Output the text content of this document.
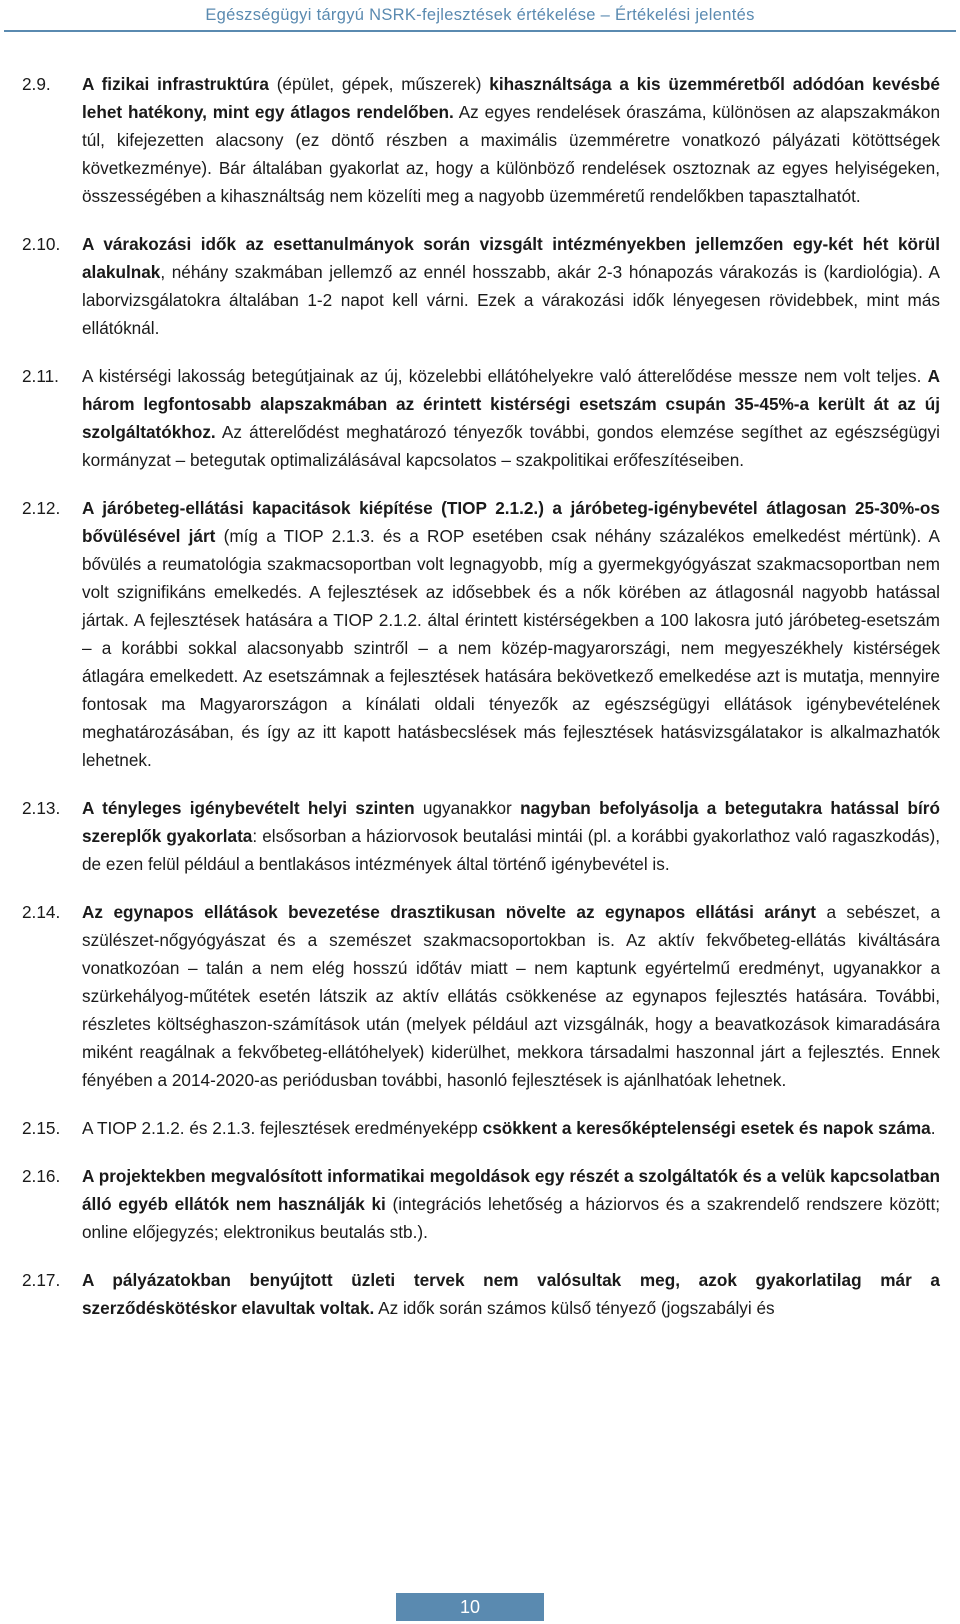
Egészségügyi tárgyú NSRK-fejlesztések értékelése – Értékelési jelentés
2.9. A fizikai infrastruktúra (épület, gépek, műszerek) kihasználtsága a kis üzemméretből adódóan kevésbé lehet hatékony, mint egy átlagos rendelőben. Az egyes rendelések óraszáma, különösen az alapszakmákon túl, kifejezetten alacsony (ez döntő részben a maximális üzemméretre vonatkozó pályázati kötöttségek következménye). Bár általában gyakorlat az, hogy a különböző rendelések osztoznak az egyes helyiségeken, összességében a kihasználtság nem közelíti meg a nagyobb üzemméretű rendelőkben tapasztalhatót.
2.10. A várakozási idők az esettanulmányok során vizsgált intézményekben jellemzően egy-két hét körül alakulnak, néhány szakmában jellemző az ennél hosszabb, akár 2-3 hónapozás várakozás is (kardiológia). A laborvizsgálatokra általában 1-2 napot kell várni. Ezek a várakozási idők lényegesen rövidebbek, mint más ellátóknál.
2.11. A kistérségi lakosság betegútjainak az új, közelebbi ellátóhelyekre való átterelődése messze nem volt teljes. A három legfontosabb alapszakmában az érintett kistérségi esetszám csupán 35-45%-a került át az új szolgáltatókhoz. Az átterelődést meghatározó tényezők további, gondos elemzése segíthet az egészségügyi kormányzat – betegutak optimalizálásával kapcsolatos – szakpolitikai erőfeszítéseiben.
2.12. A járóbeteg-ellátási kapacitások kiépítése (TIOP 2.1.2.) a járóbeteg-igénybevétel átlagosan 25-30%-os bővülésével járt (míg a TIOP 2.1.3. és a ROP esetében csak néhány százalékos emelkedést mértünk). A bővülés a reumatológia szakmacsoportban volt legnagyobb, míg a gyermekgyógyászat szakmacsoportban nem volt szignifikáns emelkedés. A fejlesztések az idősebbek és a nők körében az átlagosnál nagyobb hatással jártak. A fejlesztések hatására a TIOP 2.1.2. által érintett kistérségekben a 100 lakosra jutó járóbeteg-esetszám – a korábbi sokkal alacsonyabb szintről – a nem közép-magyarországi, nem megyeszékhely kistérségek átlagára emelkedett. Az esetszámnak a fejlesztések hatására bekövetkező emelkedése azt is mutatja, mennyire fontosak ma Magyarországon a kínálati oldali tényezők az egészségügyi ellátások igénybevételének meghatározásában, és így az itt kapott hatásbecslések más fejlesztések hatásvizsgálatakor is alkalmazhatók lehetnek.
2.13. A tényleges igénybevételt helyi szinten ugyanakkor nagyban befolyásolja a betegutakra hatással bíró szereplők gyakorlata: elsősorban a háziorvosok beutalási mintái (pl. a korábbi gyakorlathoz való ragaszkodás), de ezen felül például a bentlakásos intézmények által történő igénybevétel is.
2.14. Az egynapos ellátások bevezetése drasztikusan növelte az egynapos ellátási arányt a sebészet, a szülészet-nőgyógyászat és a szemészet szakmacsoportokban is. Az aktív fekvőbeteg-ellátás kiváltására vonatkozóan – talán a nem elég hosszú időtáv miatt – nem kaptunk egyértelmű eredményt, ugyanakkor a szürkehályog-műtétek esetén látszik az aktív ellátás csökkenése az egynapos fejlesztés hatására. További, részletes költséghaszon-számítások után (melyek például azt vizsgálnák, hogy a beavatkozások kimaradására miként reagálnak a fekvőbeteg-ellátóhelyek) kiderülhet, mekkora társadalmi haszonnal járt a fejlesztés. Ennek fényében a 2014-2020-as periódusban további, hasonló fejlesztések is ajánlhatóak lehetnek.
2.15. A TIOP 2.1.2. és 2.1.3. fejlesztések eredményeképp csökkent a keresőképtelenségi esetek és napok száma.
2.16. A projektekben megvalósított informatikai megoldások egy részét a szolgáltatók és a velük kapcsolatban álló egyéb ellátók nem használják ki (integrációs lehetőség a háziorvos és a szakrendelő rendszere között; online előjegyzés; elektronikus beutalás stb.).
2.17. A pályázatokban benyújtott üzleti tervek nem valósultak meg, azok gyakorlatilag már a szerződéskötéskor elavultak voltak. Az idők során számos külső tényező (jogszabályi és
10
